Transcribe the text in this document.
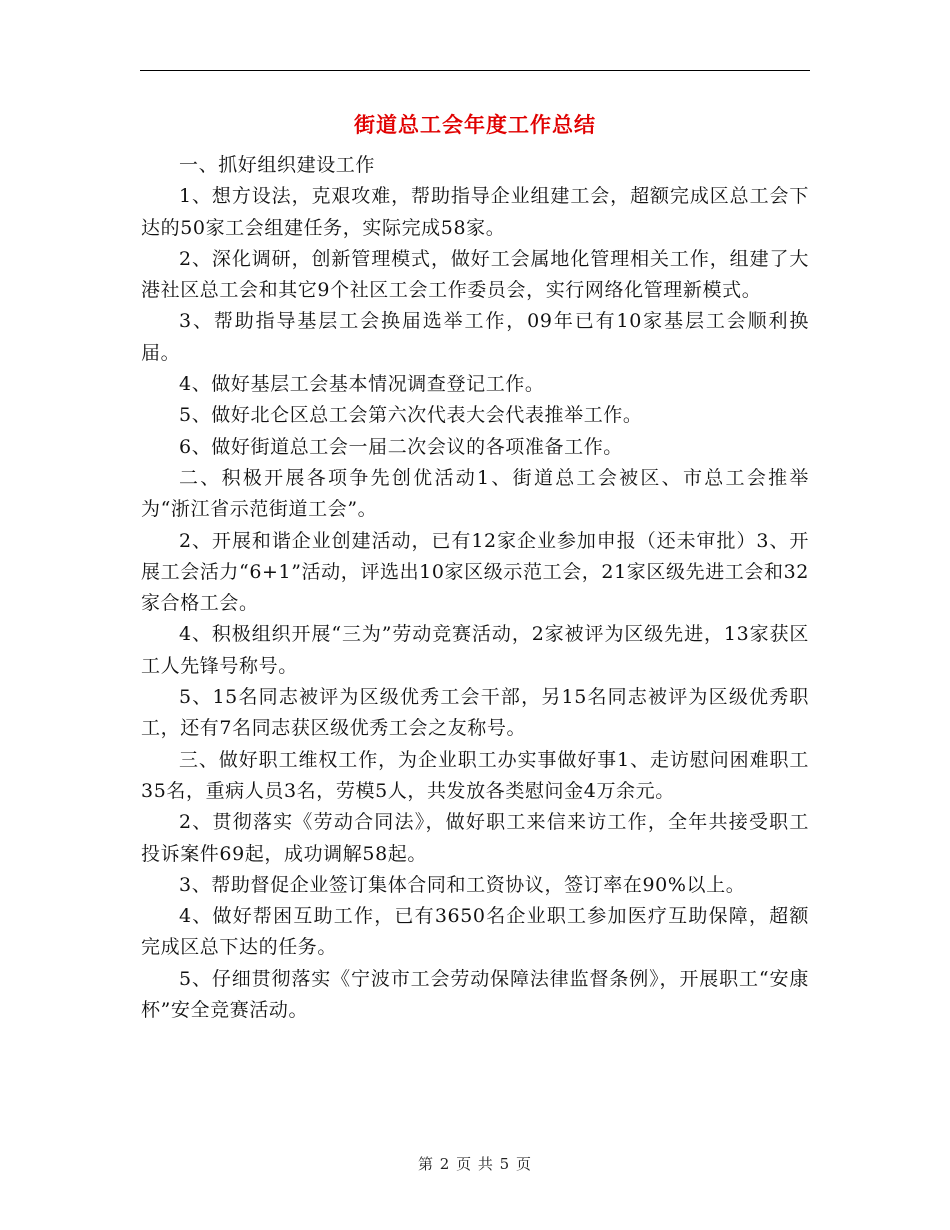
街道总工会年度工作总结

一、抓好组织建设工作

1、想方设法，克艰攻难，帮助指导企业组建工会，超额完成区总工会下达的50家工会组建任务，实际完成58家。

2、深化调研，创新管理模式，做好工会属地化管理相关工作，组建了大港社区总工会和其它9个社区工会工作委员会，实行网络化管理新模式。

3、帮助指导基层工会换届选举工作，09年已有10家基层工会顺利换届。

4、做好基层工会基本情况调查登记工作。

5、做好北仑区总工会第六次代表大会代表推举工作。

6、做好街道总工会一届二次会议的各项准备工作。

二、积极开展各项争先创优活动1、街道总工会被区、市总工会推举为“浙江省示范街道工会”。

2、开展和谐企业创建活动，已有12家企业参加申报（还未审批）3、开展工会活力“6+1”活动，评选出10家区级示范工会，21家区级先进工会和32家合格工会。

4、积极组织开展“三为”劳动竞赛活动，2家被评为区级先进，13家获区工人先锋号称号。

5、15名同志被评为区级优秀工会干部，另15名同志被评为区级优秀职工，还有7名同志获区级优秀工会之友称号。

三、做好职工维权工作，为企业职工办实事做好事1、走访慰问困难职工35名，重病人员3名，劳模5人，共发放各类慰问金4万余元。

2、贯彻落实《劳动合同法》，做好职工来信来访工作，全年共接受职工投诉案件69起，成功调解58起。

3、帮助督促企业签订集体合同和工资协议，签订率在90%以上。

4、做好帮困互助工作，已有3650名企业职工参加医疗互助保障，超额完成区总下达的任务。

5、仔细贯彻落实《宁波市工会劳动保障法律监督条例》，开展职工“安康杯”安全竞赛活动。

第 2 页 共 5 页
